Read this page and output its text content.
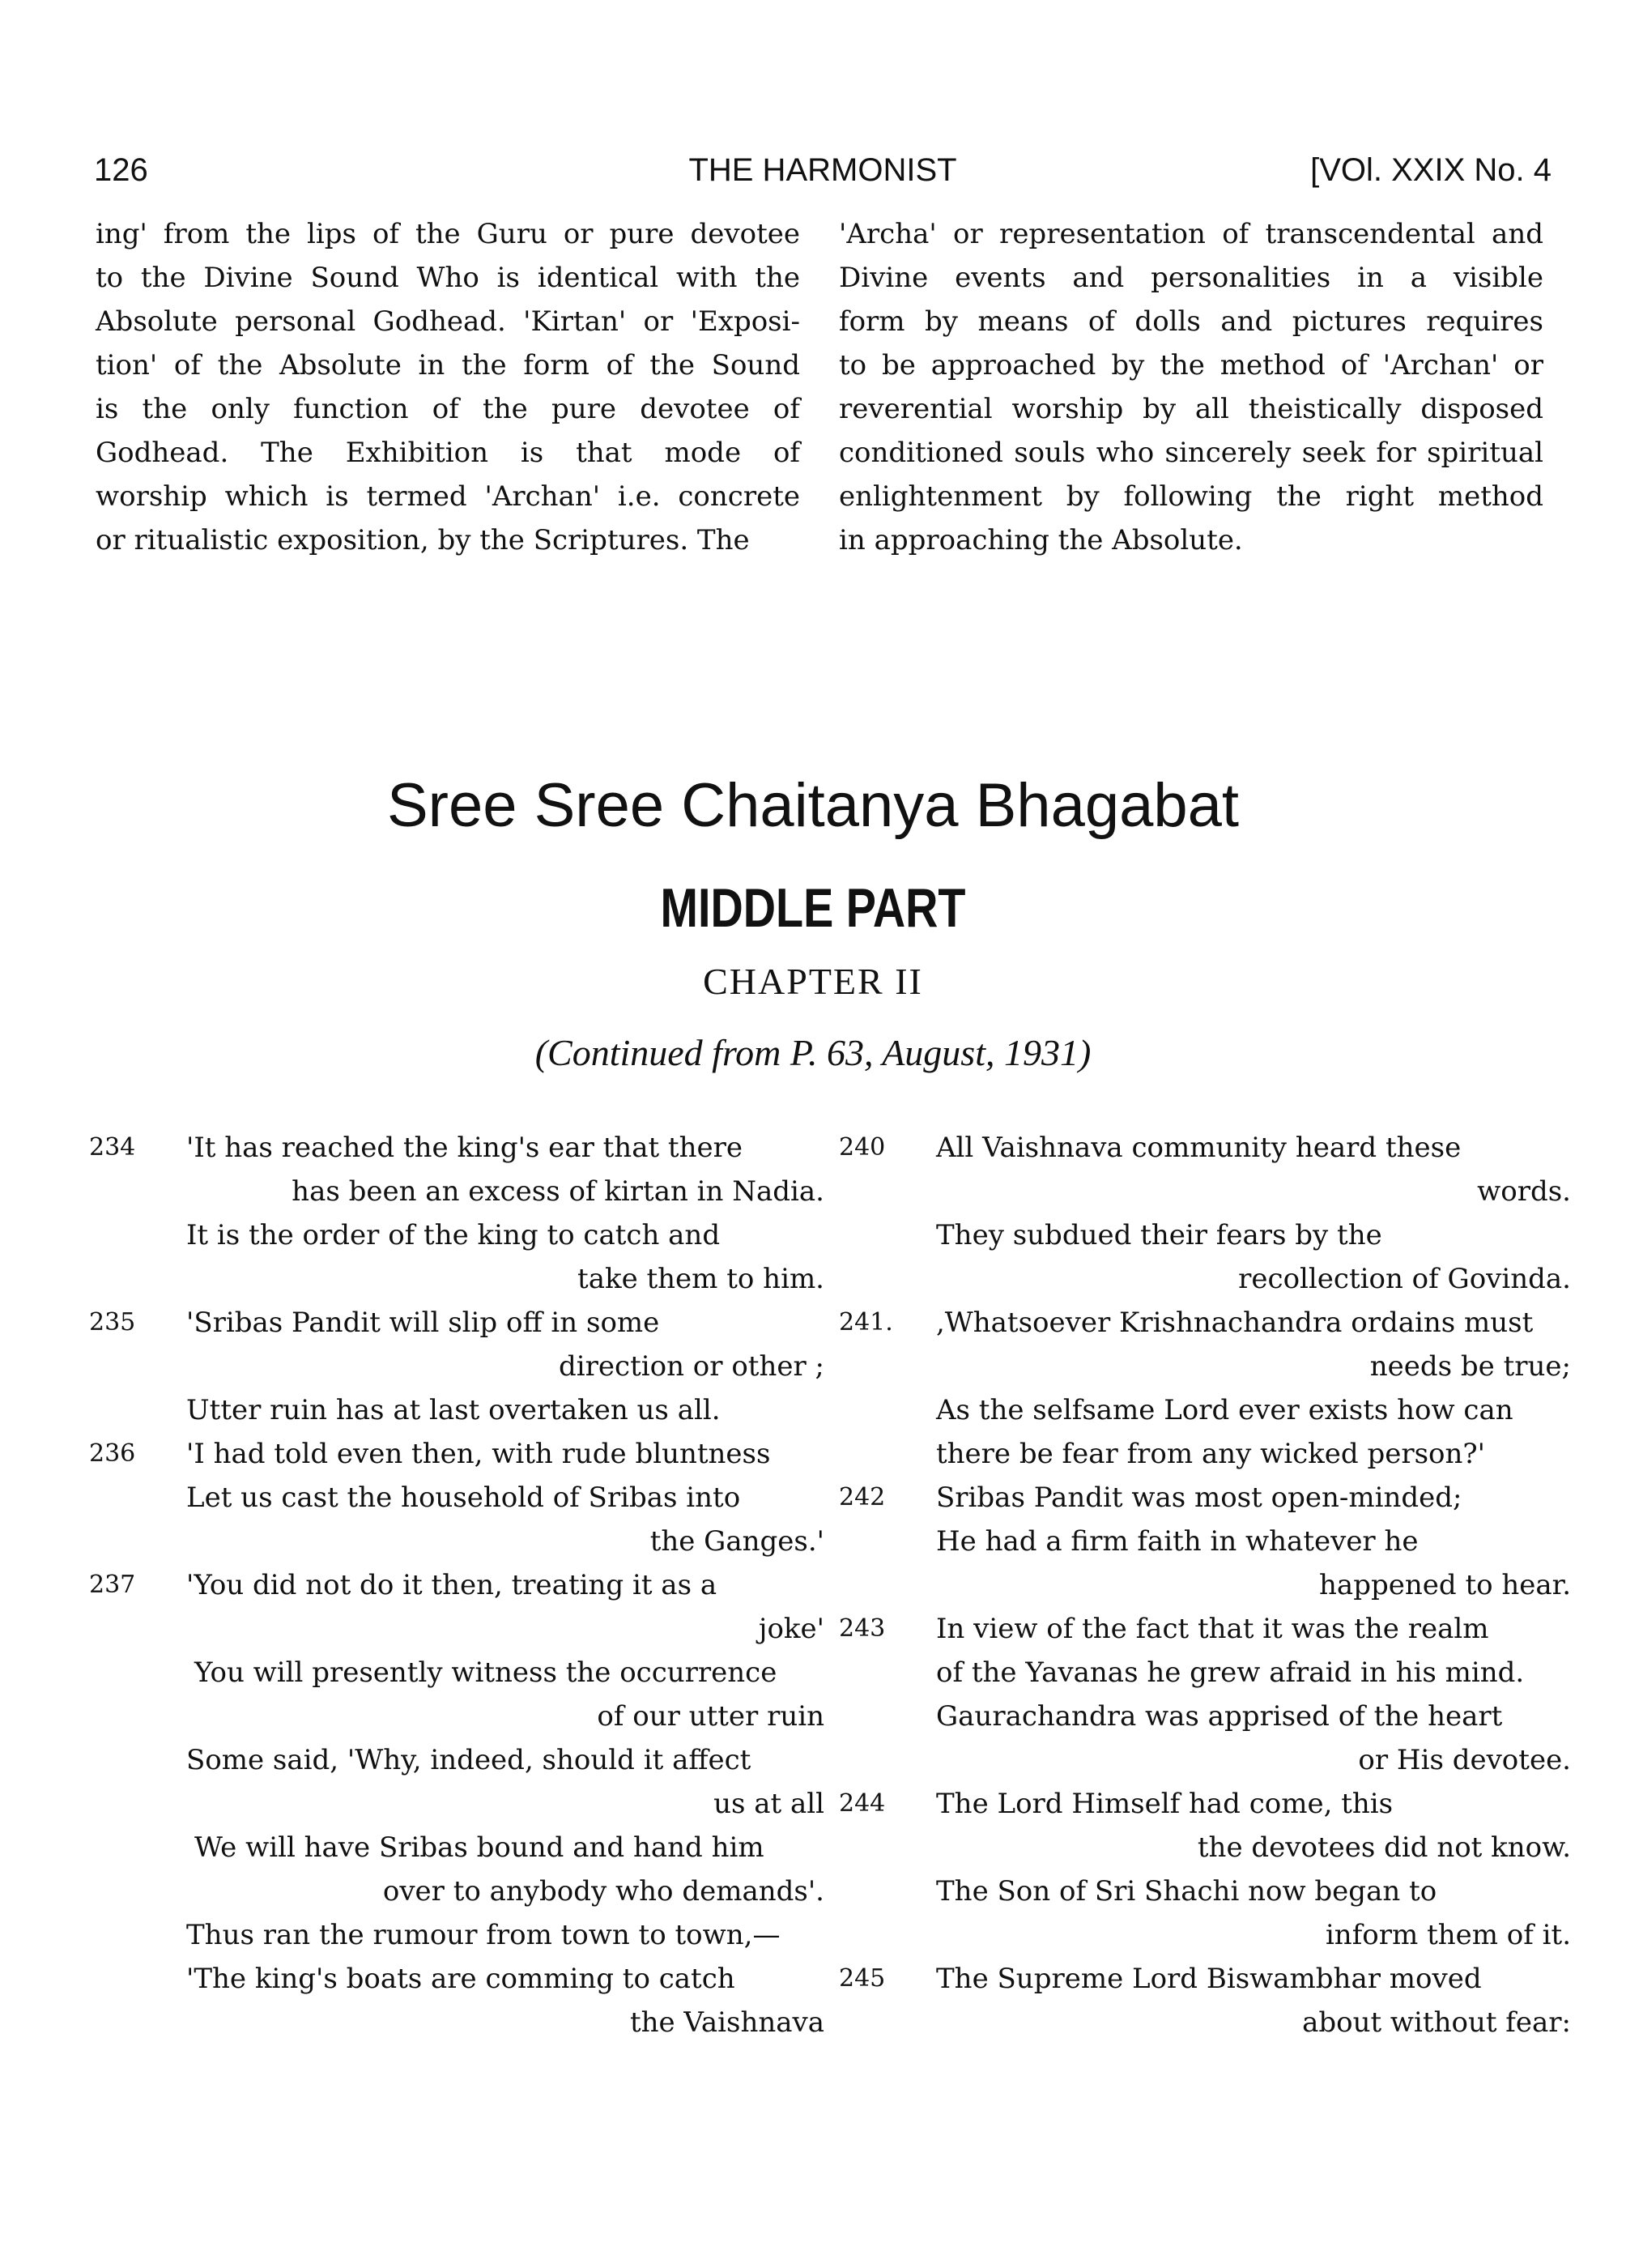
126	THE HARMONIST	[VOl. XXIX No. 4
ing' from the lips of the Guru or pure devotee
to the Divine Sound Who is identical with the
Absolute personal Godhead. 'Kirtan' or 'Exposi-
tion' of the Absolute in the form of the Sound
is the only function of the pure devotee of
Godhead. The Exhibition is that mode of
worship which is termed 'Archan' i.e. concrete
or ritualistic exposition, by the Scriptures. The
'Archa' or representation of transcendental and
Divine events and personalities in a visible
form by means of dolls and pictures requires
to be approached by the method of 'Archan' or
reverential worship by all theistically disposed
conditioned souls who sincerely seek for spiritual
enlightenment by following the right method
in approaching the Absolute.
Sree Sree Chaitanya Bhagabat
MIDDLE PART
CHAPTER II
(Continued from P. 63, August, 1931)
234	'It has reached the king's ear that there
has been an excess of kirtan in Nadia.
It is the order of the king to catch and
take them to him.
235	'Sribas Pandit will slip off in some
direction or other ;
Utter ruin has at last overtaken us all.
236	'I had told even then, with rude bluntness
Let us cast the household of Sribas into
the Ganges.'
237	'You did not do it then, treating it as a
joke'
You will presently witness the occurrence
of our utter ruin
Some said, 'Why, indeed, should it affect
us at all
We will have Sribas bound and hand him
over to anybody who demands'.
Thus ran the rumour from town to town,—
'The king's boats are comming to catch
the Vaishnava
240	All Vaishnava community heard these
words.
They subdued their fears by the
recollection of Govinda.
241.	,Whatsoever Krishnachandra ordains must
needs be true;
As the selfsame Lord ever exists how can
there be fear from any wicked person?'
242	Sribas Pandit was most open-minded;
He had a firm faith in whatever he
happened to hear.
243	In view of the fact that it was the realm
of the Yavanas he grew afraid in his mind.
Gaurachandra was apprised of the heart
or His devotee.
244	The Lord Himself had come, this
the devotees did not know.
The Son of Sri Shachi now began to
inform them of it.
245	The Supreme Lord Biswambhar moved
about without fear:
